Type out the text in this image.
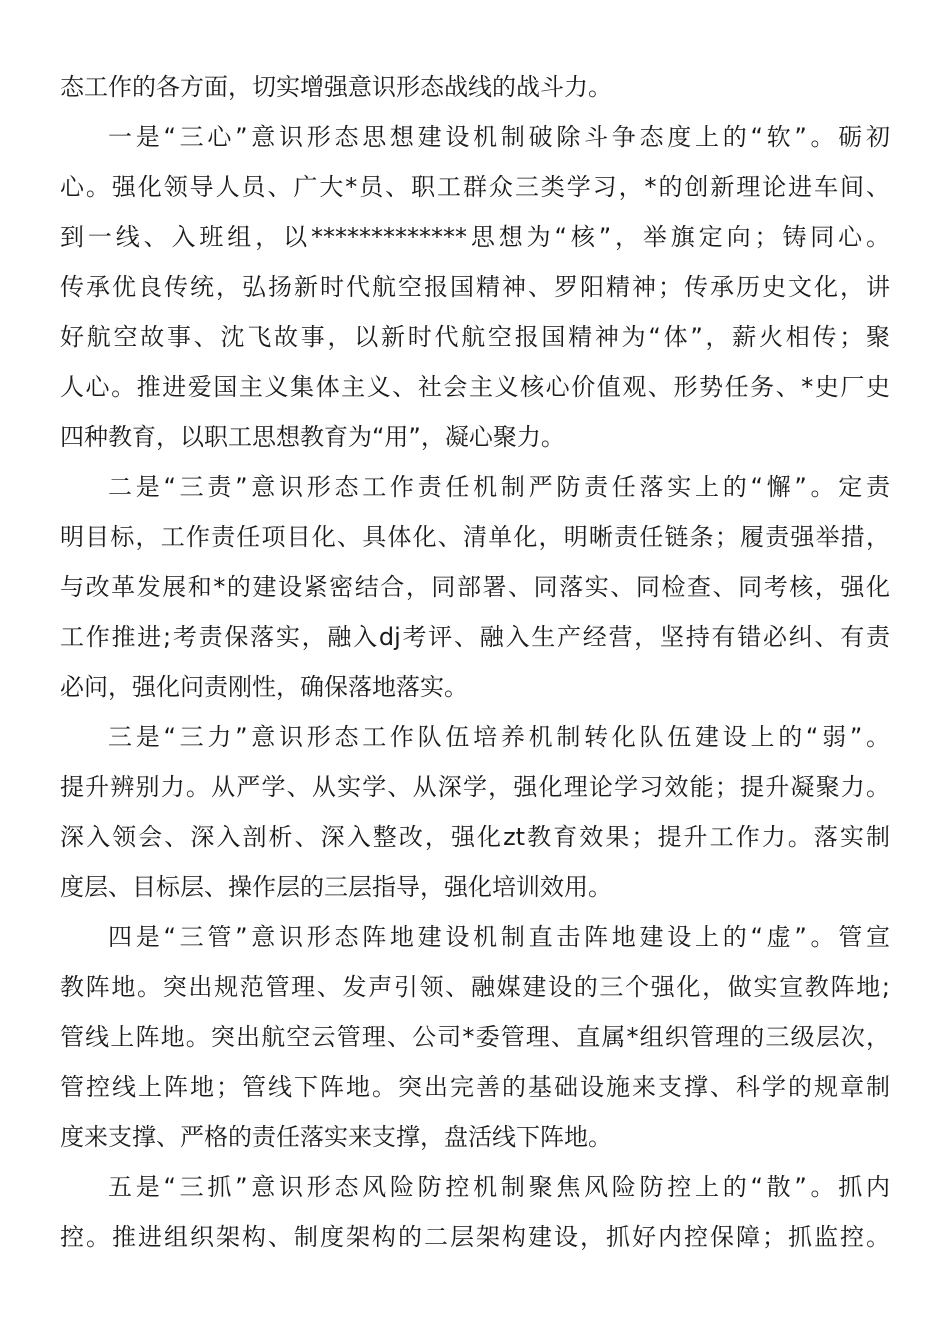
态工作的各方面，切实增强意识形态战线的战斗力。
一是“三心”意识形态思想建设机制破除斗争态度上的“软”。砺初
心。强化领导人员、广大*员、职工群众三类学习，*的创新理论进车间、
到一线、入班组，以*************思想为“核”，举旗定向；铸同心。
传承优良传统，弘扬新时代航空报国精神、罗阳精神；传承历史文化，讲
好航空故事、沈飞故事，以新时代航空报国精神为“体”，薪火相传；聚
人心。推进爱国主义集体主义、社会主义核心价值观、形势任务、*史厂史
四种教育，以职工思想教育为“用”，凝心聚力。
二是“三责”意识形态工作责任机制严防责任落实上的“懈”。定责
明目标，工作责任项目化、具体化、清单化，明晰责任链条；履责强举措，
与改革发展和*的建设紧密结合，同部署、同落实、同检查、同考核，强化
工作推进;考责保落实，融入dj考评、融入生产经营，坚持有错必纠、有责
必问，强化问责刚性，确保落地落实。
三是“三力”意识形态工作队伍培养机制转化队伍建设上的“弱”。
提升辨别力。从严学、从实学、从深学，强化理论学习效能；提升凝聚力。
深入领会、深入剖析、深入整改，强化zt教育效果；提升工作力。落实制
度层、目标层、操作层的三层指导，强化培训效用。
四是“三管”意识形态阵地建设机制直击阵地建设上的“虚”。管宣
教阵地。突出规范管理、发声引领、融媒建设的三个强化，做实宣教阵地;
管线上阵地。突出航空云管理、公司*委管理、直属*组织管理的三级层次，
管控线上阵地；管线下阵地。突出完善的基础设施来支撑、科学的规章制
度来支撑、严格的责任落实来支撑，盘活线下阵地。
五是“三抓”意识形态风险防控机制聚焦风险防控上的“散”。抓内
控。推进组织架构、制度架构的二层架构建设，抓好内控保障；抓监控。
